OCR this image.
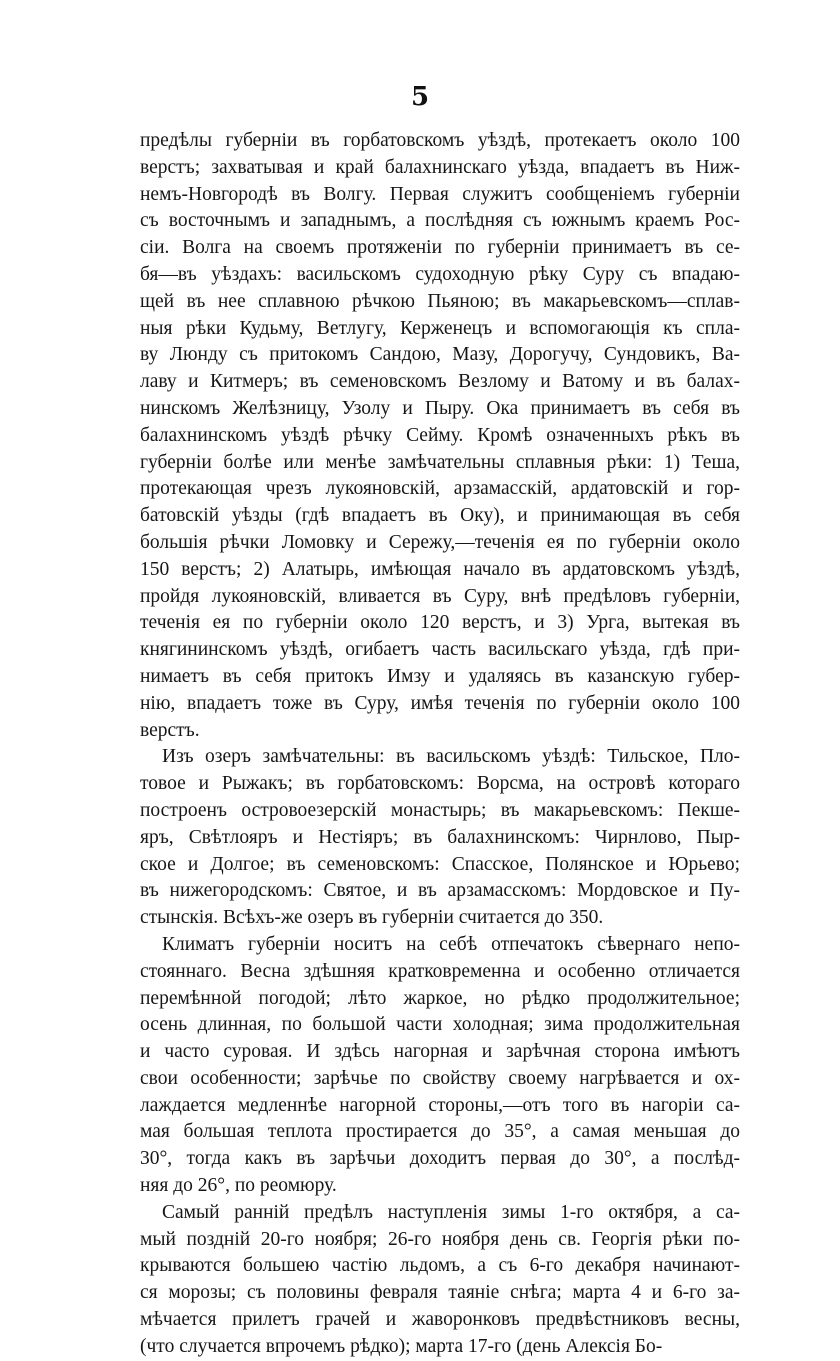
5
предѣлы губерніи въ горбатовскомъ уѣздѣ, протекаетъ около 100
верстъ; захватывая и край балахнинскаго уѣзда, впадаетъ въ Ниж-
немъ-Новгородѣ въ Волгу. Первая служитъ сообщеніемъ губерніи
съ восточнымъ и западнымъ, а послѣдняя съ южнымъ краемъ Рос-
сіи. Волга на своемъ протяженіи по губерніи принимаетъ въ се-
бя—въ уѣздахъ: васильскомъ судоходную рѣку Суру съ впадаю-
щей въ нее сплавною рѣчкою Пьяною; въ макарьевскомъ—сплав-
ныя рѣки Кудьму, Ветлугу, Керженецъ и вспомогающія къ спла-
ву Люнду съ притокомъ Сандою, Мазу, Дорогучу, Сундовикъ, Ва-
лаву и Китмеръ; въ семеновскомъ Везлому и Ватому и въ балах-
нинскомъ Желѣзницу, Узолу и Пыру. Ока принимаетъ въ себя въ
балахнинскомъ уѣздѣ рѣчку Сейму. Кромѣ означенныхъ рѣкъ въ
губерніи болѣе или менѣе замѣчательны сплавныя рѣки: 1) Теша,
протекающая чрезъ лукояновскій, арзамасскій, ардатовскій и гор-
батовскій уѣзды (гдѣ впадаетъ въ Оку), и принимающая въ себя
большія рѣчки Ломовку и Сережу,—теченія ея по губерніи около
150 верстъ; 2) Алатырь, имѣющая начало въ ардатовскомъ уѣздѣ,
пройдя лукояновскій, вливается въ Суру, внѣ предѣловъ губерніи,
теченія ея по губерніи около 120 верстъ, и 3) Урга, вытекая въ
княгининскомъ уѣздѣ, огибаетъ часть васильскаго уѣзда, гдѣ при-
нимаетъ въ себя притокъ Имзу и удаляясь въ казанскую губер-
нію, впадаетъ тоже въ Суру, имѣя теченія по губерніи около 100
верстъ.
Изъ озеръ замѣчательны: въ васильскомъ уѣздѣ: Тильское, Пло-
товое и Рыжакъ; въ горбатовскомъ: Ворсма, на островѣ котораго
построенъ островоезерскій монастырь; въ макарьевскомъ: Пекше-
яръ, Свѣтлояръ и Нестіяръ; въ балахнинскомъ: Чирнлово, Пыр-
ское и Долгое; въ семеновскомъ: Спасское, Полянское и Юрьево;
въ нижегородскомъ: Святое, и въ арзамасскомъ: Мордовское и Пу-
стынскія. Всѣхъ-же озеръ въ губерніи считается до 350.
Климатъ губерніи носитъ на себѣ отпечатокъ сѣвернаго непо-
стояннаго. Весна здѣшняя кратковременна и особенно отличается
перемѣнной погодой; лѣто жаркое, но рѣдко продолжительное;
осень длинная, по большой части холодная; зима продолжительная
и часто суровая. И здѣсь нагорная и зарѣчная сторона имѣютъ
свои особенности; зарѣчье по свойству своему нагрѣвается и ох-
лаждается медленнѣе нагорной стороны,—отъ того въ нагоріи са-
мая большая теплота простирается до 35°, а самая меньшая до
30°, тогда какъ въ зарѣчьи доходитъ первая до 30°, а послѣд-
няя до 26°, по реомюру.
Самый ранній предѣлъ наступленія зимы 1-го октября, а са-
мый поздній 20-го ноября; 26-го ноября день св. Георгія рѣки по-
крываются большею частію льдомъ, а съ 6-го декабря начинают-
ся морозы; съ половины февраля таяніе снѣга; марта 4 и 6-го за-
мѣчается прилетъ грачей и жаворонковъ предвѣстниковъ весны,
(что случается впрочемъ рѣдко); марта 17-го (день Алексія Бо-
